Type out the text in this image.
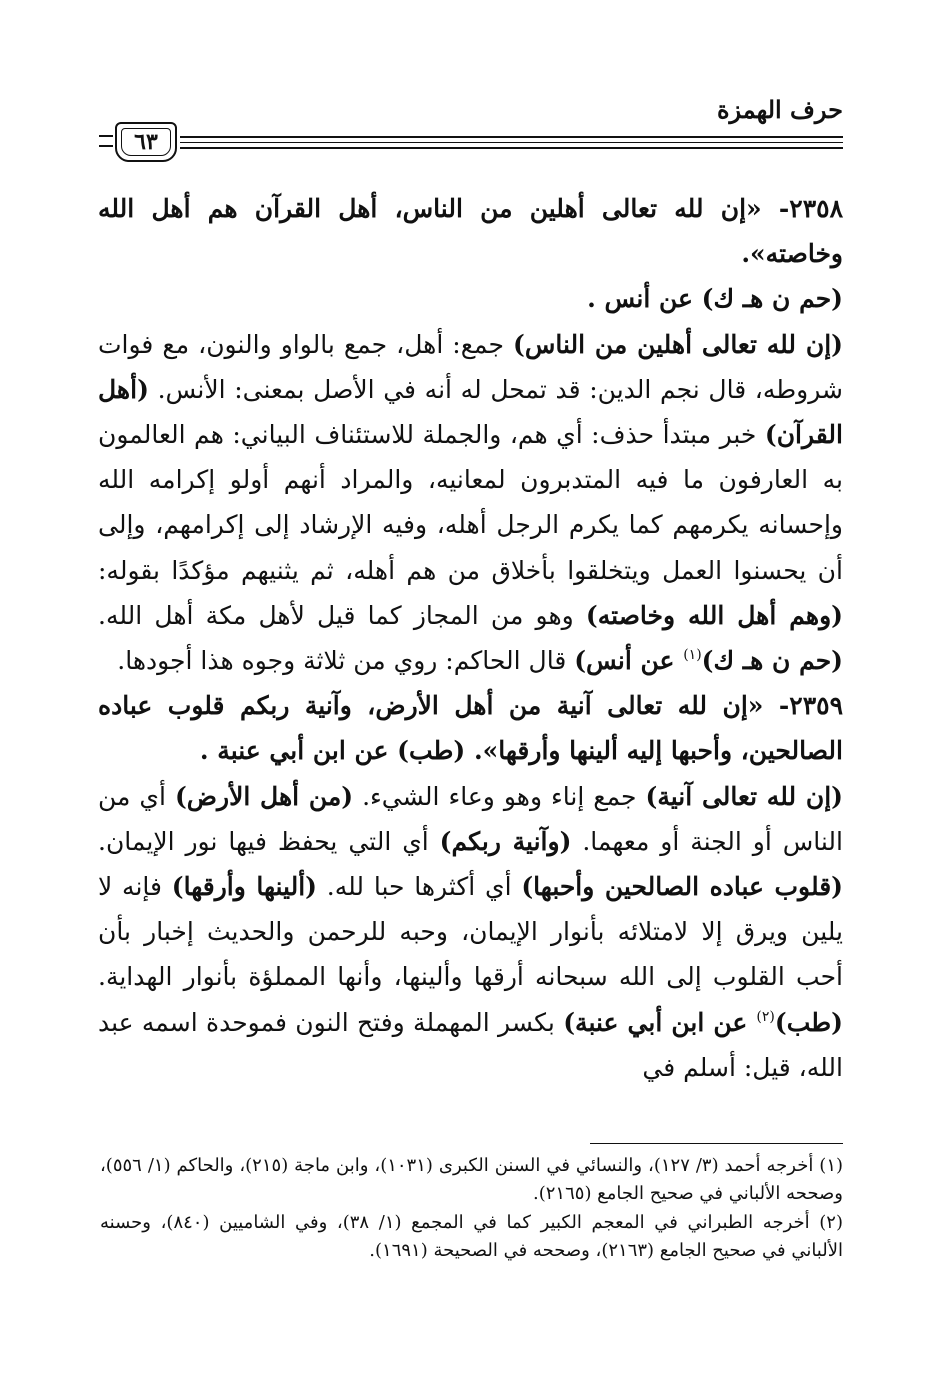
حرف الهمزة
٦٣

٢٣٥٨- «إن لله تعالى أهلين من الناس، أهل القرآن هم أهل الله وخاصته».
(حم ن هـ ك) عن أنس .

(إن لله تعالى أهلين من الناس) جمع: أهل، جمع بالواو والنون، مع فوات شروطه، قال نجم الدين: قد تمحل له أنه في الأصل بمعنى: الأنس. (أهل القرآن) خبر مبتدأ حذف: أي هم، والجملة للاستئناف البياني: هم العالمون به العارفون ما فيه المتدبرون لمعانيه، والمراد أنهم أولو إكرامه الله وإحسانه يكرمهم كما يكرم الرجل أهله، وفيه الإرشاد إلى إكرامهم، وإلى أن يحسنوا العمل ويتخلقوا بأخلاق من هم أهله، ثم يثنيهم مؤكدًا بقوله: (وهم أهل الله وخاصته) وهو من المجاز كما قيل لأهل مكة أهل الله. (حم ن هـ ك)$^{(١)}$ عن أنس) قال الحاكم: روي من ثلاثة وجوه هذا أجودها.

٢٣٥٩- «إن لله تعالى آنية من أهل الأرض، وآنية ربكم قلوب عباده الصالحين، وأحبها إليه ألينها وأرقها». (طب) عن ابن أبي عنبة .

(إن لله تعالى آنية) جمع إناء وهو وعاء الشيء. (من أهل الأرض) أي من الناس أو الجنة أو معهما. (وآنية ربكم) أي التي يحفظ فيها نور الإيمان. (قلوب عباده الصالحين وأحبها) أي أكثرها حبا لله. (ألينها وأرقها) فإنه لا يلين ويرق إلا لامتلائه بأنوار الإيمان، وحبه للرحمن والحديث إخبار بأن أحب القلوب إلى الله سبحانه أرقها وألينها، وأنها المملؤة بأنوار الهداية. (طب)$^{(٢)}$ عن ابن أبي عنبة) بكسر المهملة وفتح النون فموحدة اسمه عبد الله، قيل: أسلم في

(١) أخرجه أحمد (٣/ ١٢٧)، والنسائي في السنن الكبرى (١٠٣١)، وابن ماجة (٢١٥)، والحاكم (١/ ٥٥٦)، وصححه الألباني في صحيح الجامع (٢١٦٥).

(٢) أخرجه الطبراني في المعجم الكبير كما في المجمع (١/ ٣٨)، وفي الشاميين (٨٤٠)، وحسنه الألباني في صحيح الجامع (٢١٦٣)، وصححه في الصحيحة (١٦٩١).
